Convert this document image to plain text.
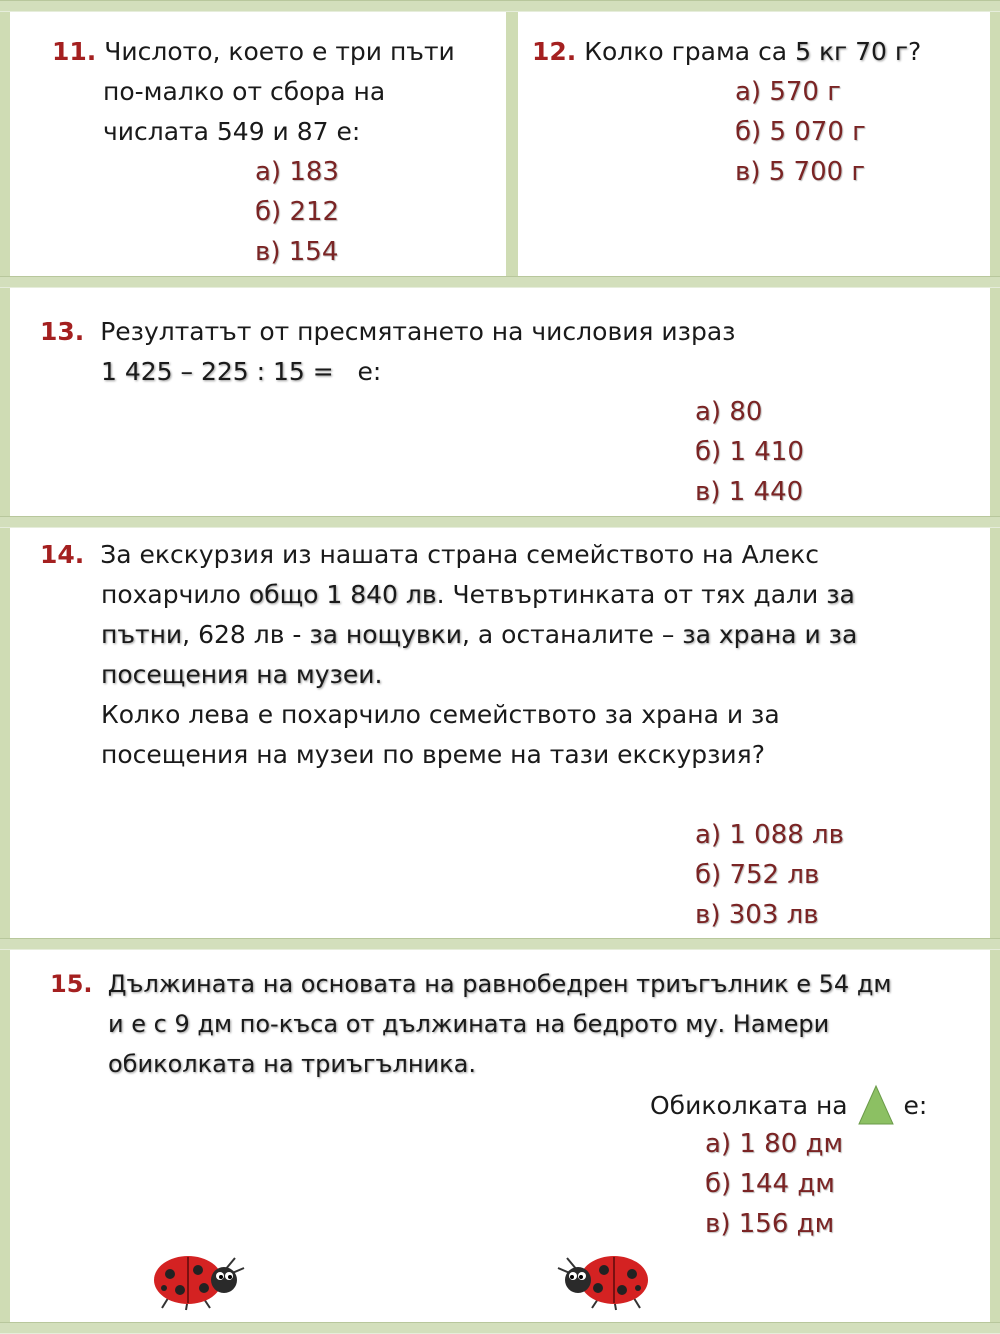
11. Числото, което е три пъти
по-малко от сбора на
числата 549 и 87 е:
а) 183
б) 212
в) 154
12. Колко грама са 5 кг 70 г?
а) 570 г
б) 5 070 г
в) 5 700 г
13. Резултатът от пресмятането на числовия израз
1 425 – 225 : 15 = е:
а) 80
б) 1 410
в) 1 440
14. За екскурзия из нашата страна семейството на Алекс
похарчило общо 1 840 лв. Четвъртинката от тях дали за
пътни, 628 лв - за нощувки, а останалите – за храна и за
посещения на музеи.
Колко лева е похарчило семейството за храна и за
посещения на музеи по време на тази екскурзия?
а) 1 088 лв
б) 752 лв
в) 303 лв
15. Дължината на основата на равнобедрен триъгълник е 54 дм
и е с 9 дм по-къса от дължината на бедрото му. Намери
обиколката на триъгълника.
Обиколката на е:
а) 1 80 дм
б) 144 дм
в) 156 дм
